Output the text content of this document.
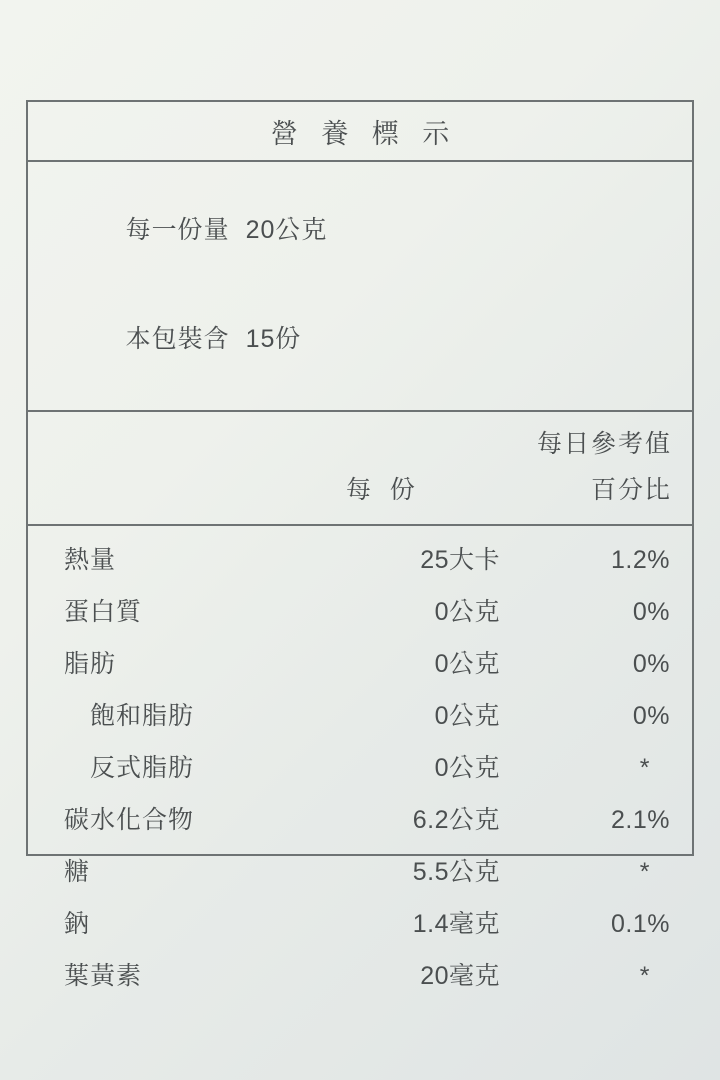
營 養 標 示

每一份量 20公克

本包裝含 15份

每日參考值
每 份	百分比
熱量	25大卡	1.2%
蛋白質	0公克	0%
脂肪	0公克	0%
飽和脂肪	0公克	0%
反式脂肪	0公克	*
碳水化合物	6.2公克	2.1%
糖	5.5公克	*
鈉	1.4毫克	0.1%
葉黃素	20毫克	*
